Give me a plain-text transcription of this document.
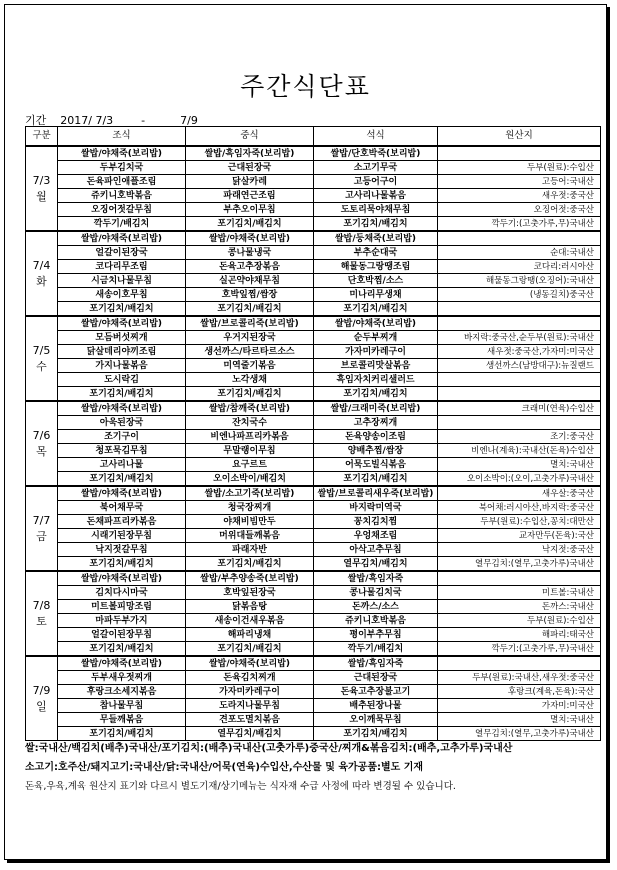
주간식단표
기간 2017/ 7/3	-	7/9
구분	조식	중식	석식	원산지

7/3
월	쌀밥/야채죽(보리밥)	쌀밥/흑임자죽(보리밥)	쌀밥/단호박죽(보리밥)	
	두부김치국	근대된장국	소고기무국	두부(원료):수입산
	돈육파인애플조림	닭살카레	고등어구이	고등어:국내산
	쥬키니호박볶음	파래연근조림	고사리나물볶음	새우젓:중국산
	오징어젓갈무침	부추오이무침	도토리묵야채무침	오징어젓:중국산
	깍두기/배김치	포기김치/배김치	포기김치/배김치	깍두기:(고춧가루,무)국내산

7/4
화	쌀밥/야채죽(보리밥)	쌀밥/야채죽(보리밥)	쌀밥/둥채죽(보리밥)	
	얼갈이된장국	콩나물냉국	부추순대국	순대:국내산
	코다리무조림	돈육고추장볶음	해물동그랑땡조림	코다리:러시아산
	시금치나물무침	실곤약야채무침	단호박찜/소스	해물동그랑땡(오징어):국내산
	새송이호무침	호박잎찜/쌈장	미나리무생채	(냉동길치)중국산
	포기김치/배김치	포기김치/배김치	포기김치/배김치	

7/5
수	쌀밥/야채죽(보리밥)	쌀밥/브로콜리죽(보리밥)	쌀밥/야채죽(보리밥)	
	모듬버섯찌개	우거지된장국	순두부찌개	바지락:중국산,순두부(원료):국내산
	닭살데리야끼조림	생선까스/타르타르소스	가자미카레구이	새우젓:중국산,가자미:미국산
	가지나물볶음	미역줄기볶음	브로콜리맛살볶음	생선까스(남방대구):뉴질랜드
	도시락김	노각생채	흑임자치커리샐러드	
	포기김치/배김치	포기김치/배김치	포기김치/배김치	

7/6
목	쌀밥/야채죽(보리밥)	쌀밥/참깨죽(보리밥)	쌀밥/크래미죽(보리밥)	크래미(연육)수입산
	아욱된장국	잔치국수	고추장찌개	
	조기구이	비엔나파프리카볶음	돈육양송이조림	조기:중국산
	청포묵김무침	무말랭이무침	양배추찜/쌈장	비엔나(계육):국내산(돈육)수입산
	고사리나물	요구르트	어묵도빌식볶음	멸치:국내산
	포기김치/배김치	오이소박이/배김치	포기김치/배김치	오이소박이:(오이,고춧가루)국내산

7/7
금	쌀밥/야채죽(보리밥)	쌀밥/소고기죽(보리밥)	쌀밥/브로콜리새우죽(보리밥)	새우살:중국산
	북어채무국	청국장찌개	바지락미역국	북어채:러시아산,바지락:중국산
	돈채파프리카볶음	야채비빔만두	꽁치김치찜	두부(원료):수입산,꽁치:대만산
	시래기된장무침	머위대들깨볶음	우엉채조림	교자만두(돈육):국산
	낙지젓갈무침	파래자반	아삭고추무침	낙지젓:중국산
	포기김치/배김치	포기김치/배김치	열무김치/배김치	열무김치:(열무,고춧가루)국내산

7/8
토	쌀밥/야채죽(보리밥)	쌀밥/부추양송죽(보리밥)	쌀밥/흑임자죽	
	김치다시마국	호박잎된장국	콩나물김치국	미트볼:국내산
	미트볼피망조림	닭볶음탕	돈까스/소스	돈까스:국내산
	마파두부가지	새송이건새우볶음	쥬키니호박볶음	두부(원료):수입산
	얼갈이된장무침	해파리냉채	평이부추무침	해파리:태국산
	포기김치/배김치	포기김치/배김치	깍두기/배김치	깍두기:(고춧가루,무)국내산

7/9
일	쌀밥/야채죽(보리밥)	쌀밥/야채죽(보리밥)	쌀밥/흑임자죽	
	두부새우젓찌개	돈육김치찌개	근대된장국	두부(원료):국내산,새우젓:중국산
	후랑크소세지볶음	가자미카레구이	돈육고추장불고기	후랑크(계육,돈육):국산
	참나물무침	도라지나물무침	배추된장나물	가자미:미국산
	무들깨볶음	견포도멸치볶음	오이깨묵무침	멸치:국내산
	포기김치/배김치	열무김치/배김치	포기김치/배김치	열무김치:(열무,고춧가루)국내산
쌀:국내산/백김치(배추)국내산/포기김치:(배추)국내산(고춧가루)중국산/찌개&볶음김치:(배추,고추가루)국내산
소고기:호주산/돼지고기:국내산/닭:국내산/어묵(연육)수입산,수산물 및 육가공품:별도 기재
돈육,우육,계육 원산지 표기와 다르시 별도기재/상기메뉴는 식자재 수급 사정에 따라 변경될 수 있습니다.
